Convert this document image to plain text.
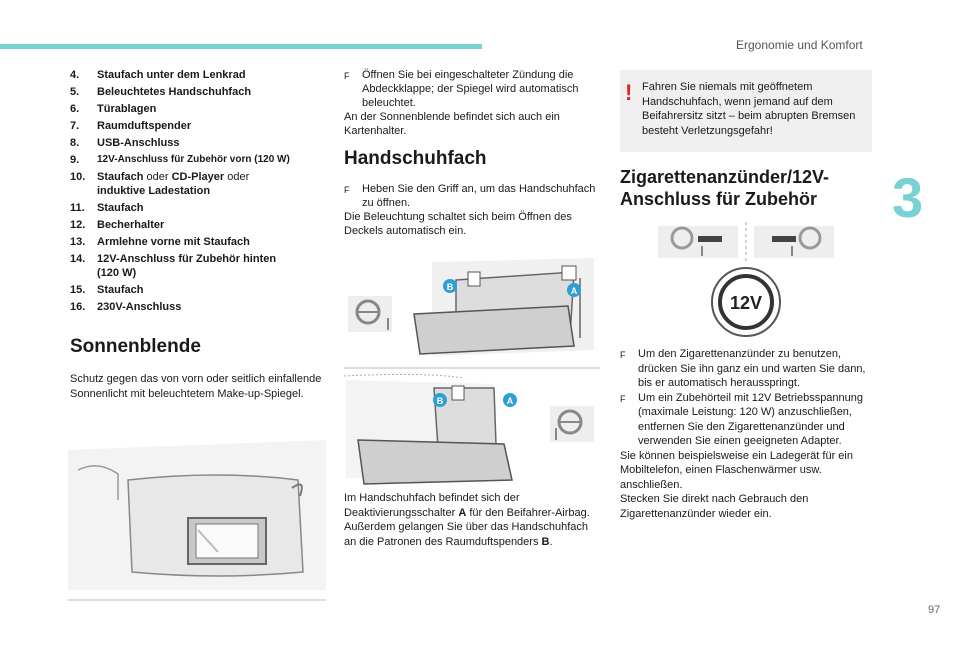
Ergonomie und Komfort
3
97
4.	Staufach unter dem Lenkrad
5.	Beleuchtetes Handschuhfach
6.	Türablagen
7.	Raumduftspender
8.	USB-Anschluss
9.	12V-Anschluss für Zubehör vorn (120 W)
10.	Staufach oder CD-Player oder
induktive Ladestation
11.	Staufach
12.	Becherhalter
13.	Armlehne vorne mit Staufach
14.	12V-Anschluss für Zubehör hinten
(120 W)
15.	Staufach
16.	230V-Anschluss
Sonnenblende

Schutz gegen das von vorn oder seitlich einfallende Sonnenlicht mit beleuchtetem Make-up-Spiegel.

F	Öffnen Sie bei eingeschalteter Zündung die Abdeckklappe; der Spiegel wird automatisch beleuchtet.

An der Sonnenblende befindet sich auch ein Kartenhalter.

Handschuhfach
F	Heben Sie den Griff an, um das Handschuhfach zu öffnen.

Die Beleuchtung schaltet sich beim Öffnen des Deckels automatisch ein.

B	A
B	A

Im Handschuhfach befindet sich der Deaktivierungsschalter A für den Beifahrer-Airbag.

Außerdem gelangen Sie über das Handschuhfach an die Patronen des Raumduftspenders B.

! Fahren Sie niemals mit geöffnetem Handschuhfach, wenn jemand auf dem Beifahrersitz sitzt – beim abrupten Bremsen besteht Verletzungsgefahr!
Zigarettenanzünder/12V-
Anschluss für Zubehör
12V
F	Um den Zigarettenanzünder zu benutzen, drücken Sie ihn ganz ein und warten Sie dann, bis er automatisch herausspringt.
F	Um ein Zubehörteil mit 12V Betriebsspannung (maximale Leistung: 120 W) anzuschließen, entfernen Sie den Zigarettenanzünder und verwenden Sie einen geeigneten Adapter.

Sie können beispielsweise ein Ladegerät für ein Mobiltelefon, einen Flaschenwärmer usw. anschließen.

Stecken Sie direkt nach Gebrauch den Zigarettenanzünder wieder ein.
